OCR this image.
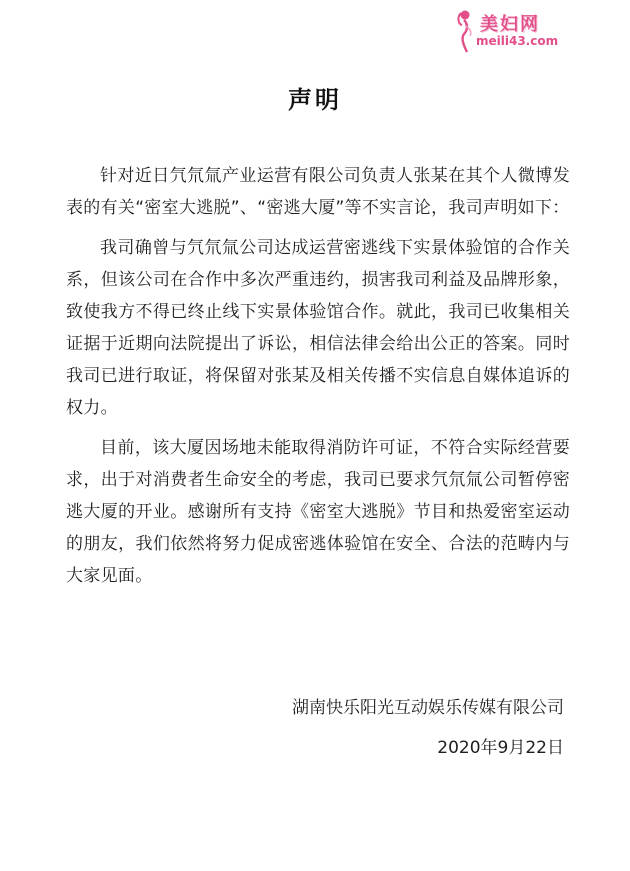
美妇网
meili43.com
声明

针对近日氕氘氚产业运营有限公司负责人张某在其个人微博发表的有关“密室大逃脱”、“密逃大厦”等不实言论，我司声明如下：

我司确曾与氕氘氚公司达成运营密逃线下实景体验馆的合作关系，但该公司在合作中多次严重违约，损害我司利益及品牌形象，致使我方不得已终止线下实景体验馆合作。就此，我司已收集相关证据于近期向法院提出了诉讼，相信法律会给出公正的答案。同时我司已进行取证，将保留对张某及相关传播不实信息自媒体追诉的权力。

目前，该大厦因场地未能取得消防许可证，不符合实际经营要求，出于对消费者生命安全的考虑，我司已要求氕氘氚公司暂停密逃大厦的开业。感谢所有支持《密室大逃脱》节目和热爱密室运动的朋友，我们依然将努力促成密逃体验馆在安全、合法的范畴内与大家见面。

湖南快乐阳光互动娱乐传媒有限公司
2020年9月22日
